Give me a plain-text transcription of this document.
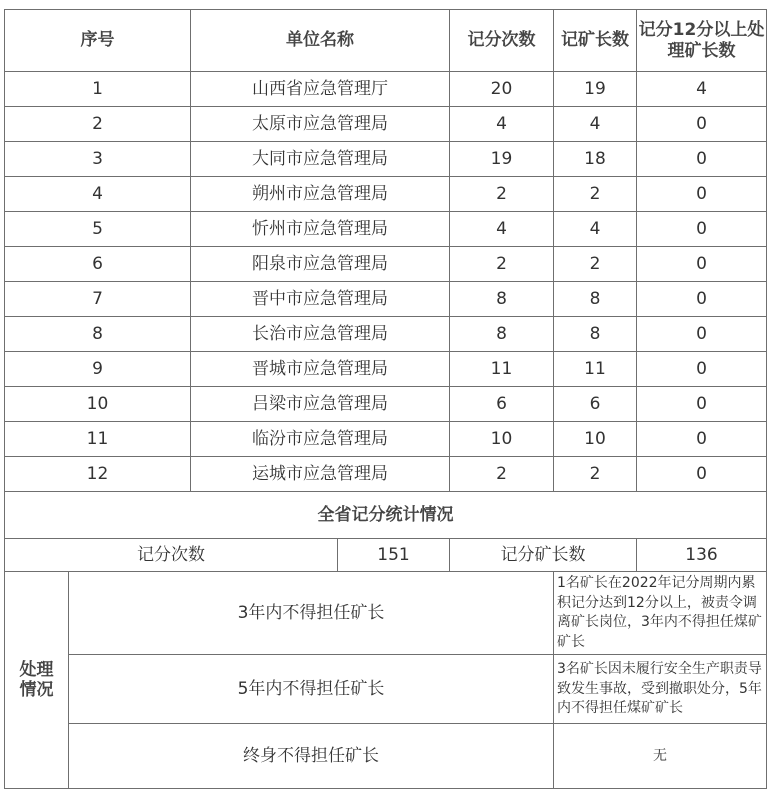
序号		单位名称		记分次数	记矿长数	记分12分以上处理矿长数
1		山西省应急管理厅		20	19	4
2		太原市应急管理局		4	4	0
3		大同市应急管理局		19	18	0
4		朔州市应急管理局		2	2	0
5		忻州市应急管理局		4	4	0
6		阳泉市应急管理局		2	2	0
7		晋中市应急管理局		8	8	0
8		长治市应急管理局		8	8	0
9		晋城市应急管理局		11	11	0
10		吕梁市应急管理局		6	6	0
11		临汾市应急管理局		10	10	0
12		运城市应急管理局		2	2	0
全省记分统计情况						
记分次数			151	记分矿长数		136
处理情况	3年内不得担任矿长				1名矿长在2022年记分周期内累积记分达到12分以上，被责令调离矿长岗位，3年内不得担任煤矿矿长	
	5年内不得担任矿长				3名矿长因未履行安全生产职责导致发生事故，受到撤职处分，5年内不得担任煤矿矿长	
	终身不得担任矿长				无	
